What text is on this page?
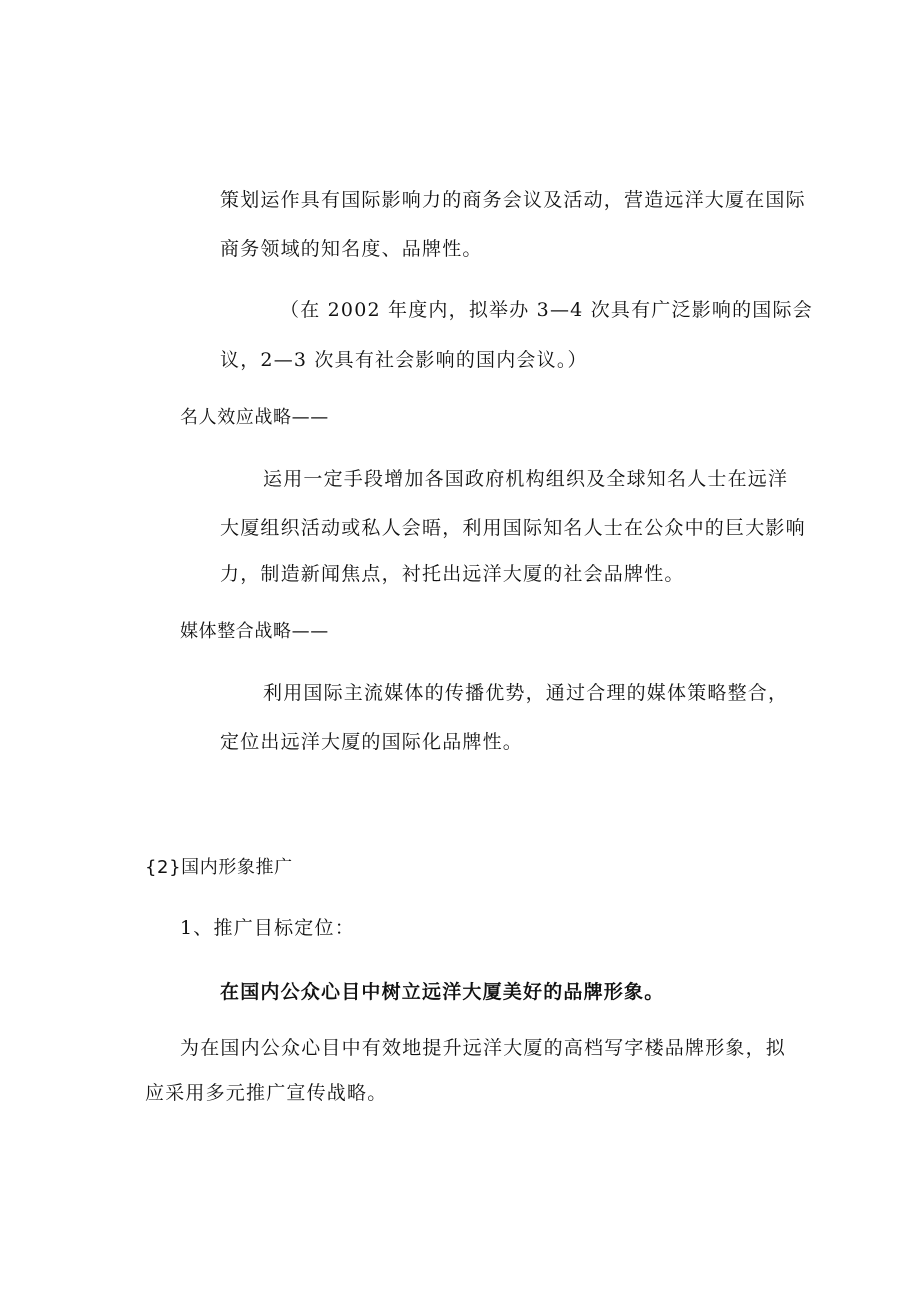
策划运作具有国际影响力的商务会议及活动，营造远洋大厦在国际
商务领域的知名度、品牌性。
（在 2002 年度内，拟举办 3—4 次具有广泛影响的国际会
议，2—3 次具有社会影响的国内会议。）
名人效应战略——
运用一定手段增加各国政府机构组织及全球知名人士在远洋
大厦组织活动或私人会晤，利用国际知名人士在公众中的巨大影响
力，制造新闻焦点，衬托出远洋大厦的社会品牌性。
媒体整合战略——
利用国际主流媒体的传播优势，通过合理的媒体策略整合，
定位出远洋大厦的国际化品牌性。
{2}国内形象推广
1、推广目标定位：
在国内公众心目中树立远洋大厦美好的品牌形象。
为在国内公众心目中有效地提升远洋大厦的高档写字楼品牌形象，拟
应采用多元推广宣传战略。
